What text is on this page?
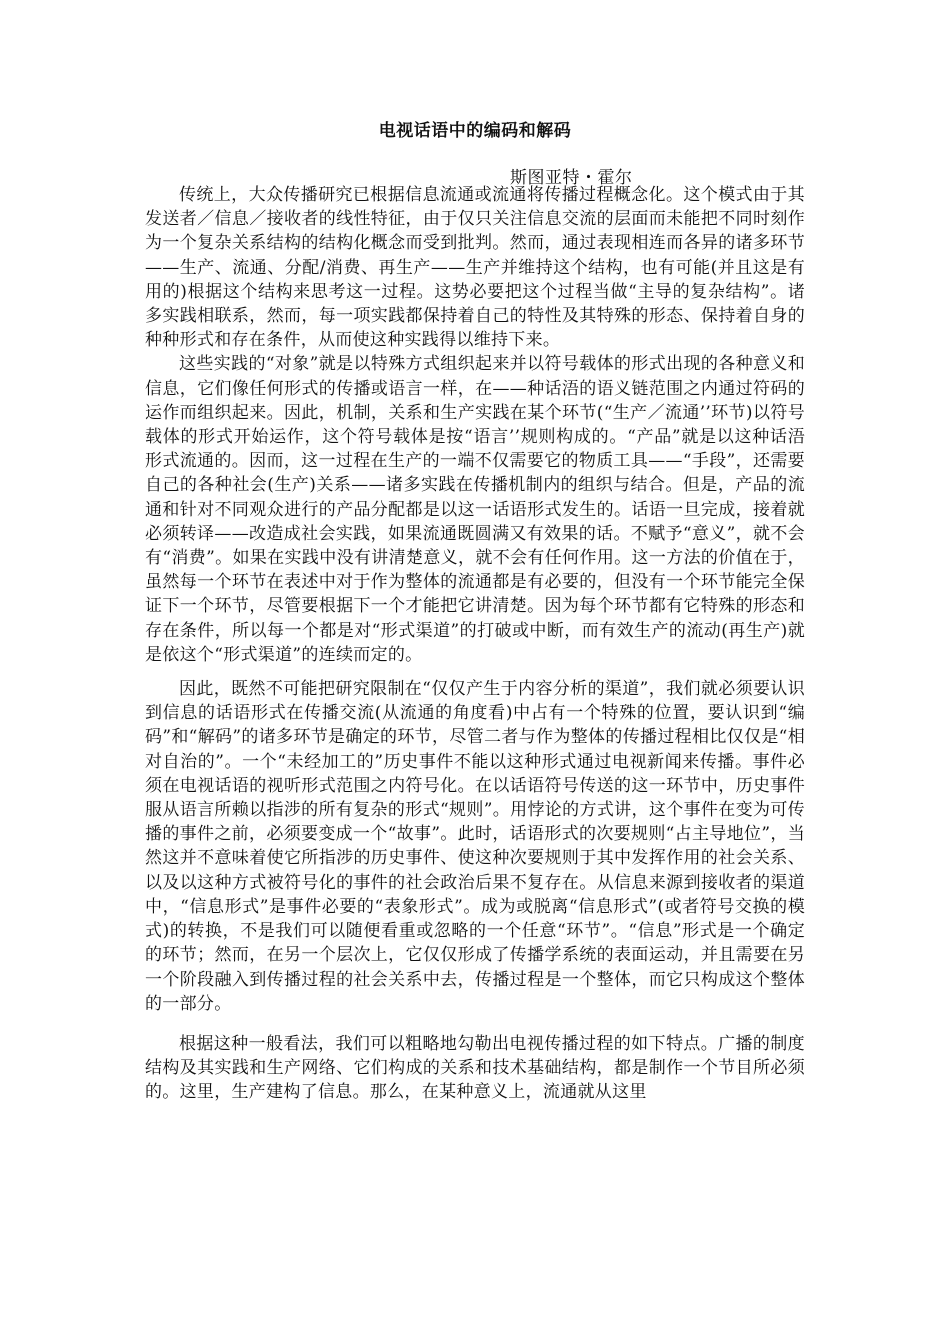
电视话语中的编码和解码
斯图亚特・霍尔

传统上，大众传播研究已根据信息流通或流通将传播过程概念化。这个模式由于其发送者／信息／接收者的线性特征，由于仅只关注信息交流的层面而未能把不同时刻作为一个复杂关系结构的结构化概念而受到批判。然而，通过表现相连而各异的诸多环节——生产、流通、分配/消费、再生产——生产并维持这个结构，也有可能(并且这是有用的)根据这个结构来思考这一过程。这势必要把这个过程当做“主导的复杂结构”。诸多实践相联系，然而，每一项实践都保持着自己的特性及其特殊的形态、保持着自身的种种形式和存在条件，从而使这种实践得以维持下来。

这些实践的“对象”就是以特殊方式组织起来并以符号载体的形式出现的各种意义和信息，它们像任何形式的传播或语言一样，在——种话浯的语义链范围之内通过符码的运作而组织起来。因此，机制，关系和生产实践在某个环节(“生产／流通’’环节)以符号载体的形式开始运作，这个符号载体是按“语言’’规则构成的。“产品”就是以这种话浯形式流通的。因而，这一过程在生产的一端不仅需要它的物质工具——“手段”，还需要自己的各种社会(生产)关系——诸多实践在传播机制内的组织与结合。但是，产品的流通和针对不同观众进行的产品分配都是以这一话语形式发生的。话语一旦完成，接着就必须转译——改造成社会实践，如果流通既圆满又有效果的话。不赋予“意义”，就不会有“消费”。如果在实践中没有讲清楚意义，就不会有任何作用。这一方法的价值在于，虽然每一个环节在表述中对于作为整体的流通都是有必要的，但没有一个环节能完全保证下一个环节，尽管要根据下一个才能把它讲清楚。因为每个环节都有它特殊的形态和存在条件，所以每一个都是对“形式渠道”的打破或中断，而有效生产的流动(再生产)就是依这个“形式渠道”的连续而定的。

因此，既然不可能把研究限制在“仅仅产生于内容分析的渠道”，我们就必须要认识到信息的话语形式在传播交流(从流通的角度看)中占有一个特殊的位置，要认识到“编码”和“解码”的诸多环节是确定的环节，尽管二者与作为整体的传播过程相比仅仅是“相对自治的”。一个“未经加工的”历史事件不能以这种形式通过电视新闻来传播。事件必须在电视话语的视听形式范围之内符号化。在以话语符号传送的这一环节中，历史事件服从语言所赖以指涉的所有复杂的形式“规则”。用悖论的方式讲，这个事件在变为可传播的事件之前，必须要变成一个“故事”。此时，话语形式的次要规则“占主导地位”，当然这并不意味着使它所指涉的历史事件、使这种次要规则于其中发挥作用的社会关系、以及以这种方式被符号化的事件的社会政治后果不复存在。从信息来源到接收者的渠道中，“信息形式”是事件必要的“表象形式”。成为或脱离“信息形式”(或者符号交换的模式)的转换，不是我们可以随便看重或忽略的一个任意“环节”。“信息”形式是一个确定的环节；然而，在另一个层次上，它仅仅形成了传播学系统的表面运动，并且需要在另一个阶段融入到传播过程的社会关系中去，传播过程是一个整体，而它只构成这个整体的一部分。

根据这种一般看法，我们可以粗略地勾勒出电视传播过程的如下特点。广播的制度结构及其实践和生产网络、它们构成的关系和技术基础结构，都是制作一个节目所必须的。这里，生产建构了信息。那么，在某种意义上，流通就从这里
